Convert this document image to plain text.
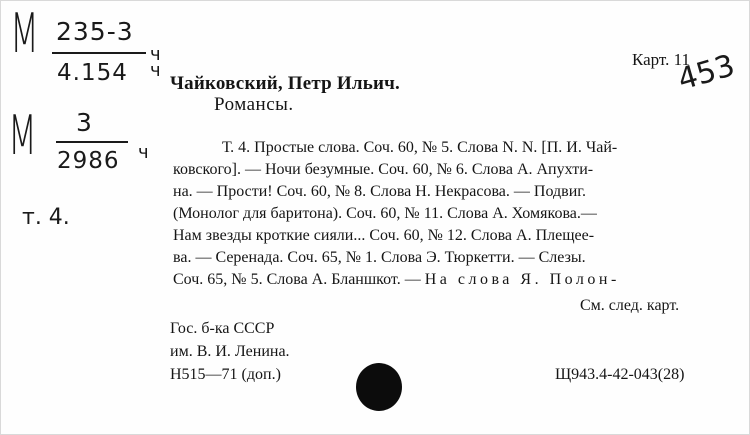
М 235-3
4.154
ч
ч
М 3
2986 ч
т. 4.
Карт. 11
453
Чайковский, Петр Ильич.
Романсы.
Т. 4. Простые слова. Соч. 60, № 5. Слова N. N. [П. И. Чай-
ковского]. — Ночи безумные. Соч. 60, № 6. Слова А. Апухти-
на. — Прости! Соч. 60, № 8. Слова Н. Некрасова. — Подвиг.
(Монолог для баритона). Соч. 60, № 11. Слова А. Хомякова.—
Нам звезды кроткие сияли... Соч. 60, № 12. Слова А. Плещее-
ва. — Серенада. Соч. 65, № 1. Слова Э. Тюркетти. — Слезы.
Соч. 65, № 5. Слова А. Бланшкот. — На слова Я. Полон-
См. след. карт.
Гос. б-ка СССР
им. В. И. Ленина.
Н515—71 (доп.)	Щ943.4-42-043(28)
